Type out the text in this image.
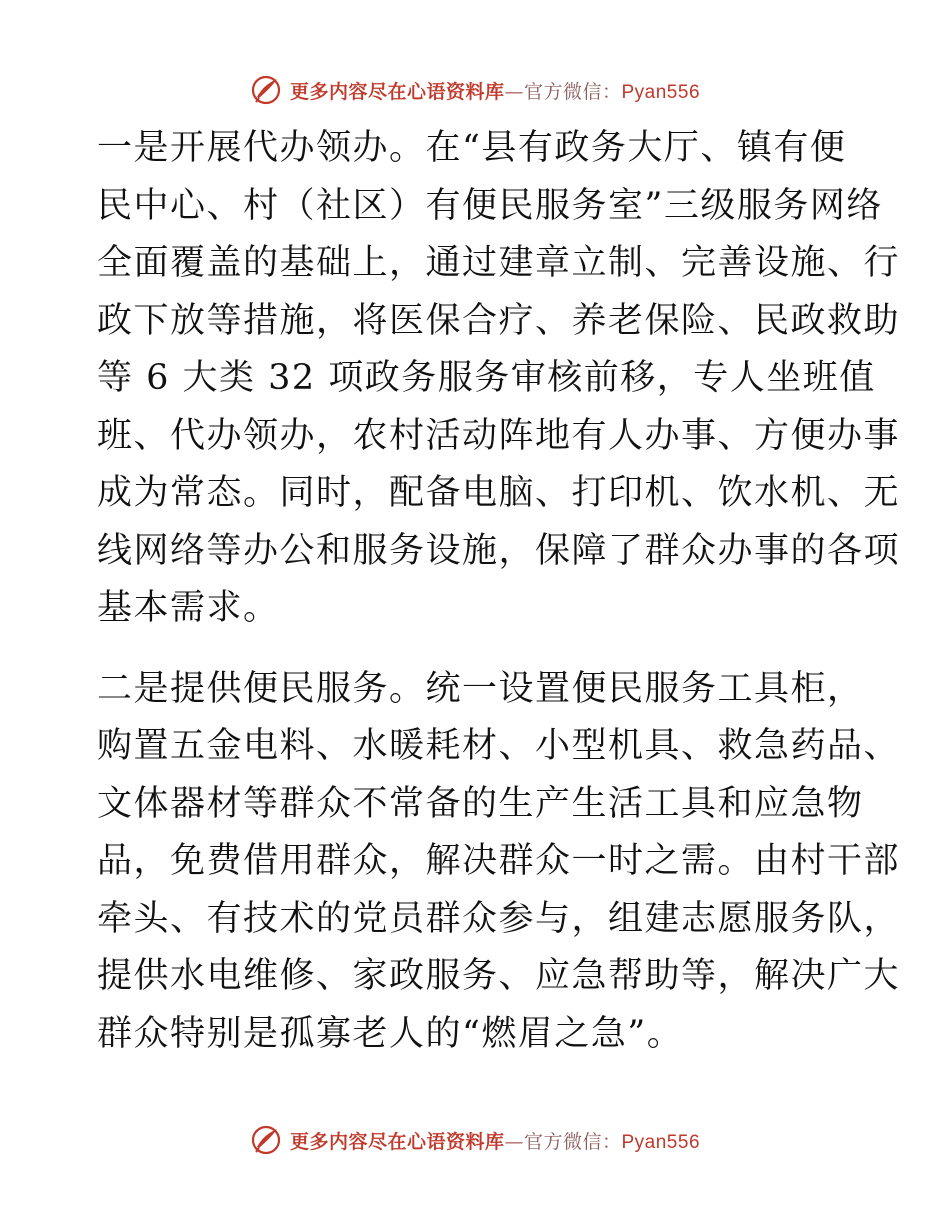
更多内容尽在心语资料库—官方微信：Pyan556

一是开展代办领办。在“县有政务大厅、镇有便
民中心、村（社区）有便民服务室”三级服务网络
全面覆盖的基础上，通过建章立制、完善设施、行
政下放等措施，将医保合疗、养老保险、民政救助
等 6 大类 32 项政务服务审核前移，专人坐班值
班、代办领办，农村活动阵地有人办事、方便办事
成为常态。同时，配备电脑、打印机、饮水机、无
线网络等办公和服务设施，保障了群众办事的各项
基本需求。

二是提供便民服务。统一设置便民服务工具柜，
购置五金电料、水暖耗材、小型机具、救急药品、
文体器材等群众不常备的生产生活工具和应急物
品，免费借用群众，解决群众一时之需。由村干部
牵头、有技术的党员群众参与，组建志愿服务队，
提供水电维修、家政服务、应急帮助等，解决广大
群众特别是孤寡老人的“燃眉之急”。

更多内容尽在心语资料库—官方微信：Pyan556
